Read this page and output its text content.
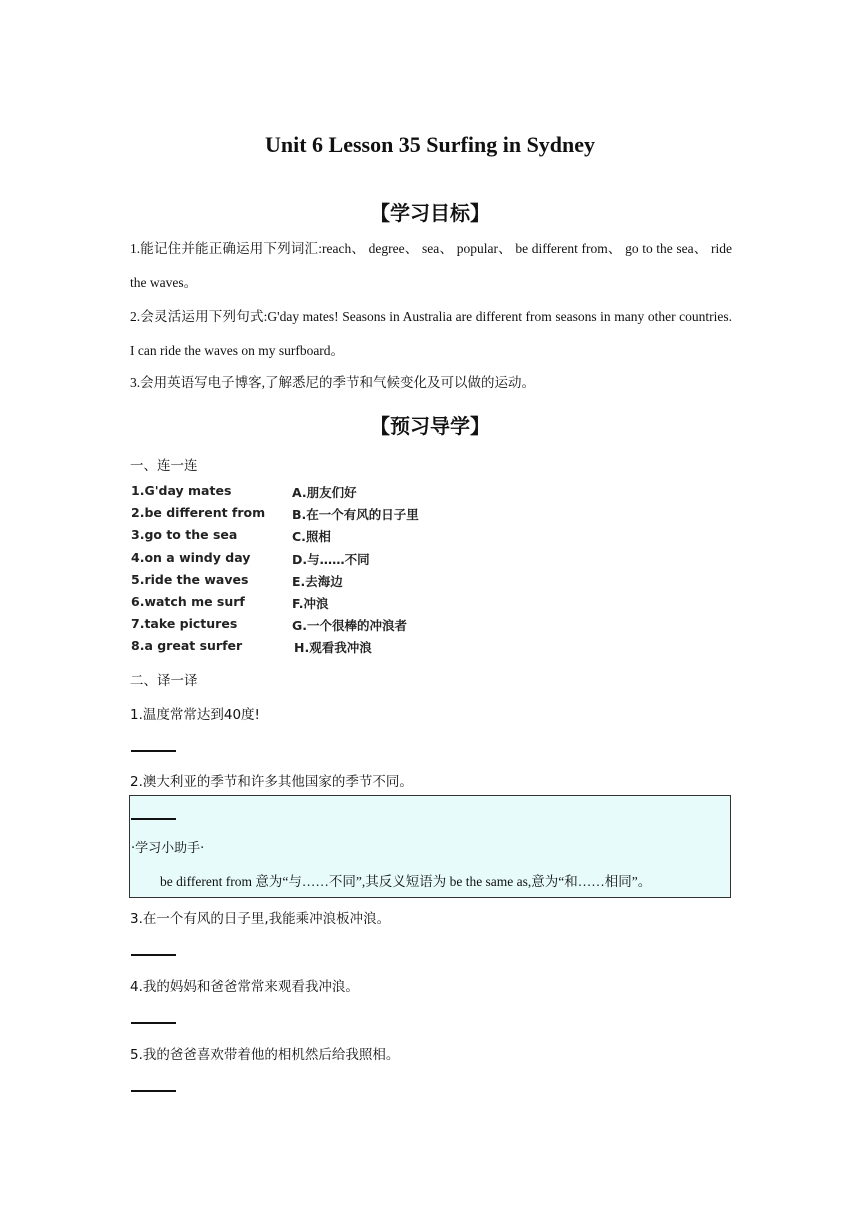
Unit 6 Lesson 35 Surfing in Sydney
【学习目标】
1.能记住并能正确运用下列词汇:reach、 degree、 sea、 popular、 be different from、 go to the sea、 ride the waves。
2.会灵活运用下列句式:G'day mates! Seasons in Australia are different from seasons in many other countries. I can ride the waves on my surfboard。
3.会用英语写电子博客,了解悉尼的季节和气候变化及可以做的运动。
【预习导学】
一、连一连
1.G'day mates	A.朋友们好
2.be different from B.在一个有风的日子里
3.go to the sea	C.照相
4.on a windy day	D.与……不同
5.ride the waves	E.去海边
6.watch me surf	F.冲浪
7.take pictures	G.一个很棒的冲浪者
8.a great surfer	H.观看我冲浪
二、译一译
1.温度常常达到40度!
2.澳大利亚的季节和许多其他国家的季节不同。
·学习小助手·
be different from 意为“与……不同”,其反义短语为 be the same as,意为“和……相同”。
3.在一个有风的日子里,我能乘冲浪板冲浪。
4.我的妈妈和爸爸常常来观看我冲浪。
5.我的爸爸喜欢带着他的相机然后给我照相。
